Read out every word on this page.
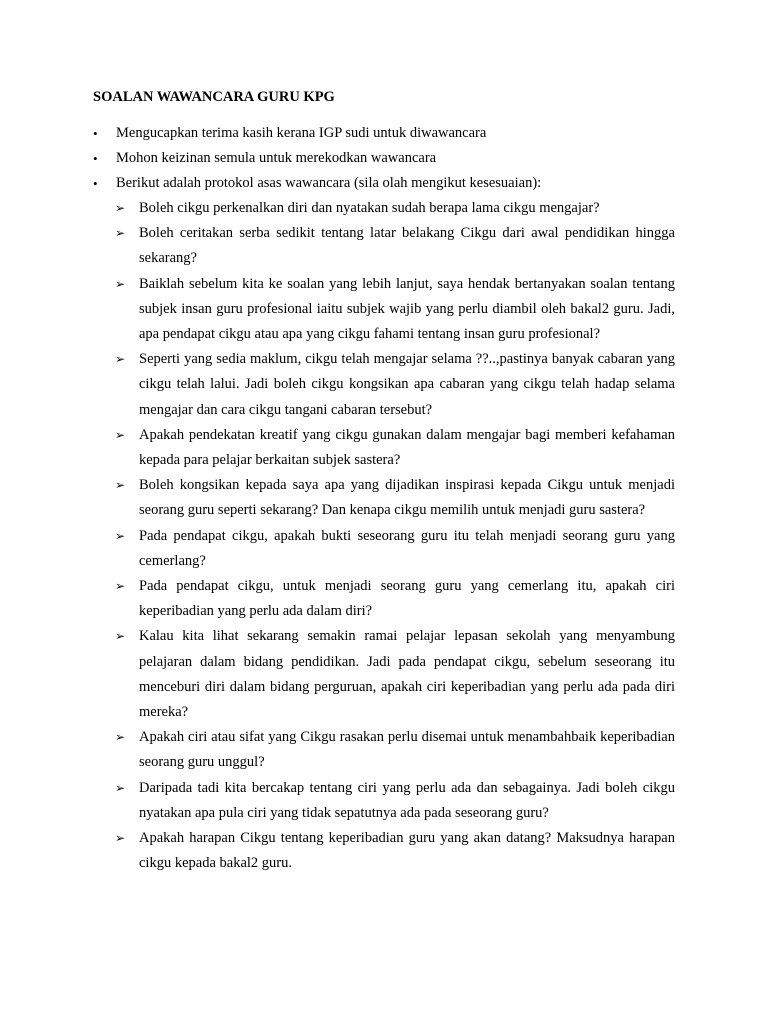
SOALAN WAWANCARA GURU KPG
• Mengucapkan terima kasih kerana IGP sudi untuk diwawancara
• Mohon keizinan semula untuk merekodkan wawancara
• Berikut adalah protokol asas wawancara (sila olah mengikut kesesuaian):
➢ Boleh cikgu perkenalkan diri dan nyatakan sudah berapa lama cikgu mengajar?
➢ Boleh ceritakan serba sedikit tentang latar belakang Cikgu dari awal pendidikan hingga sekarang?
➢ Baiklah sebelum kita ke soalan yang lebih lanjut, saya hendak bertanyakan soalan tentang subjek insan guru profesional iaitu subjek wajib yang perlu diambil oleh bakal2 guru. Jadi, apa pendapat cikgu atau apa yang cikgu fahami tentang insan guru profesional?
➢ Seperti yang sedia maklum, cikgu telah mengajar selama ??..,pastinya banyak cabaran yang cikgu telah lalui. Jadi boleh cikgu kongsikan apa cabaran yang cikgu telah hadap selama mengajar dan cara cikgu tangani cabaran tersebut?
➢ Apakah pendekatan kreatif yang cikgu gunakan dalam mengajar bagi memberi kefahaman kepada para pelajar berkaitan subjek sastera?
➢ Boleh kongsikan kepada saya apa yang dijadikan inspirasi kepada Cikgu untuk menjadi seorang guru seperti sekarang? Dan kenapa cikgu memilih untuk menjadi guru sastera?
➢ Pada pendapat cikgu, apakah bukti seseorang guru itu telah menjadi seorang guru yang cemerlang?
➢ Pada pendapat cikgu, untuk menjadi seorang guru yang cemerlang itu, apakah ciri keperibadian yang perlu ada dalam diri?
➢ Kalau kita lihat sekarang semakin ramai pelajar lepasan sekolah yang menyambung pelajaran dalam bidang pendidikan. Jadi pada pendapat cikgu, sebelum seseorang itu menceburi diri dalam bidang perguruan, apakah ciri keperibadian yang perlu ada pada diri mereka?
➢ Apakah ciri atau sifat yang Cikgu rasakan perlu disemai untuk menambahbaik keperibadian seorang guru unggul?
➢ Daripada tadi kita bercakap tentang ciri yang perlu ada dan sebagainya. Jadi boleh cikgu nyatakan apa pula ciri yang tidak sepatutnya ada pada seseorang guru?
➢ Apakah harapan Cikgu tentang keperibadian guru yang akan datang? Maksudnya harapan cikgu kepada bakal2 guru.
